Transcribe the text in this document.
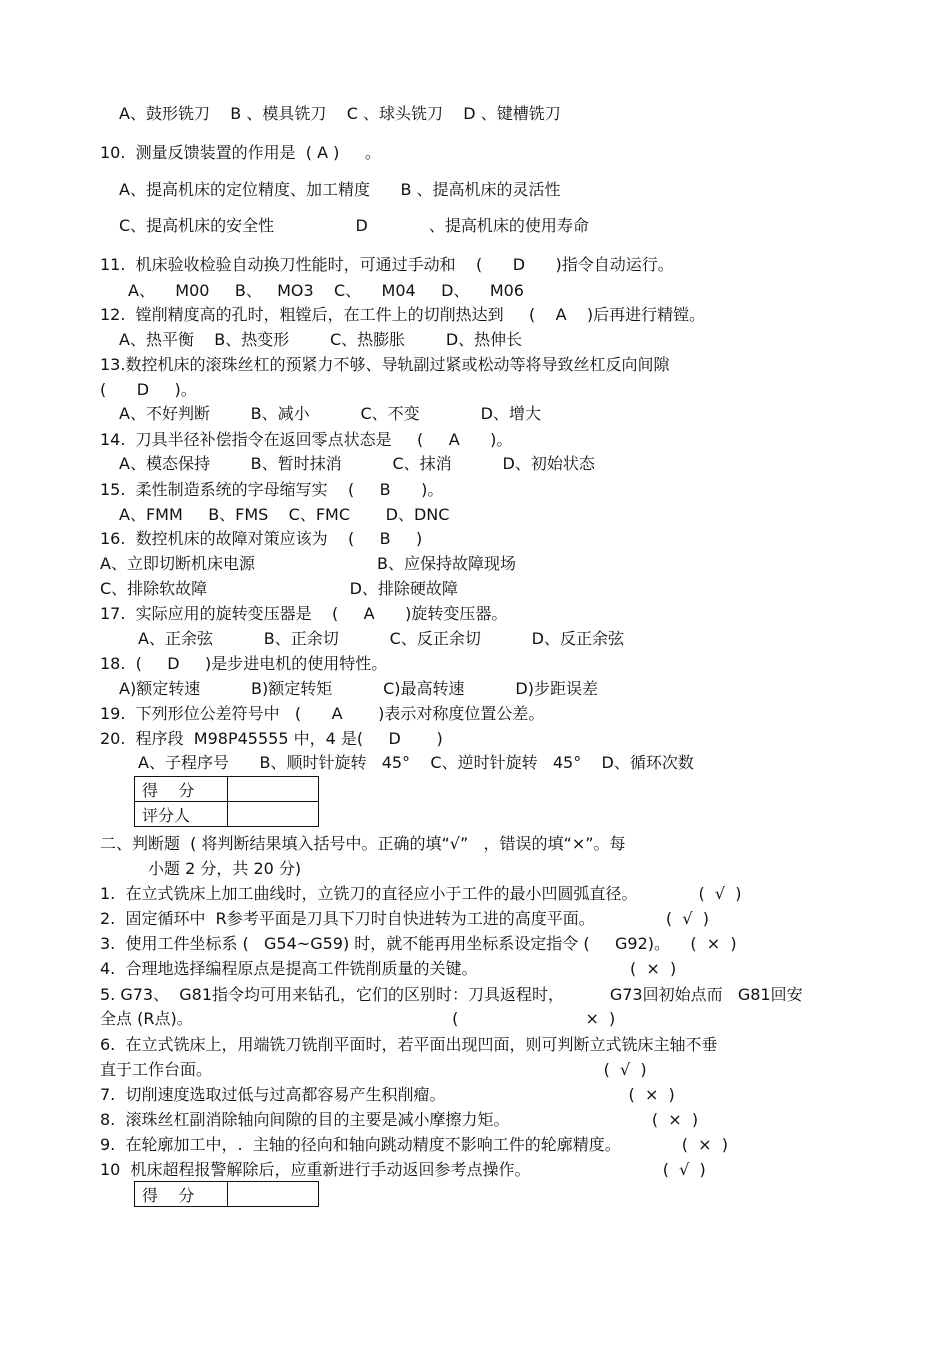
A、鼓形铣刀    B 、模具铣刀    C 、球头铣刀    D 、键槽铣刀
10.  测量反馈装置的作用是  ( A )     。
A、提高机床的定位精度、加工精度      B 、提高机床的灵活性
C、提高机床的安全性                D            、提高机床的使用寿命
11.  机床验收检验自动换刀性能时，可通过手动和    (      D      )指令自动运行。
A、    M00     B、   MO3    C、    M04     D、    M06
12.  镗削精度高的孔时，粗镗后，在工件上的切削热达到     (    A    )后再进行精镗。
A、热平衡    B、热变形        C、热膨胀        D、热伸长
13.数控机床的滚珠丝杠的预紧力不够、导轨副过紧或松动等将导致丝杠反向间隙
(      D     )。
A、不好判断        B、减小          C、不变            D、增大
14.  刀具半径补偿指令在返回零点状态是     (     A      )。
A、模态保持        B、暂时抹消          C、抹消          D、初始状态
15.  柔性制造系统的字母缩写实    (     B      )。
A、FMM     B、FMS    C、FMC       D、DNC
16.  数控机床的故障对策应该为    (     B     )
A、立即切断机床电源                        B、应保持故障现场
C、排除软故障                            D、排除硬故障
17.  实际应用的旋转变压器是    (     A      )旋转变压器。
A、正余弦          B、正余切          C、反正余切          D、反正余弦
18.  (     D     )是步进电机的使用特性。
A)额定转速          B)额定转矩          C)最高转速          D)步距误差
19.  下列形位公差符号中   (      A       )表示对称度位置公差。
20.  程序段  M98P45555 中，4 是(     D       )
A、子程序号      B、顺时针旋转   45°    C、逆时针旋转   45°    D、循环次数
得    分	
评分人	
二、判断题  ( 将判断结果填入括号中。正确的填“√”   ，错误的填“×”。每
小题 2 分，共 20 分)
1.  在立式铣床上加工曲线时，立铣刀的直径应小于工件的最小凹圆弧直径。            (  √  )
2.  固定循环中  R参考平面是刀具下刀时自快进转为工进的高度平面。              (  √  )
3.  使用工件坐标系 (   G54~G59) 时，就不能再用坐标系设定指令 (     G92)。    (  ×  )
4.  合理地选择编程原点是提高工件铣削质量的关键。                              (  ×  )
5. G73、  G81指令均可用来钻孔，它们的区别时：刀具返程时，         G73回初始点而   G81回安
全点 (R点)。                                                   (                         ×  )
6.  在立式铣床上，用端铣刀铣削平面时，若平面出现凹面，则可判断立式铣床主轴不垂
直于工作台面。                                                                             (  √  )
7.  切削速度选取过低与过高都容易产生积削瘤。                                    (  ×  )
8.  滚珠丝杠副消除轴向间隙的目的主要是减小摩擦力矩。                            (  ×  )
9.  在轮廓加工中，.  主轴的径向和轴向跳动精度不影响工件的轮廓精度。            (  ×  )
10  机床超程报警解除后，应重新进行手动返回参考点操作。                          (  √  )
得    分	
